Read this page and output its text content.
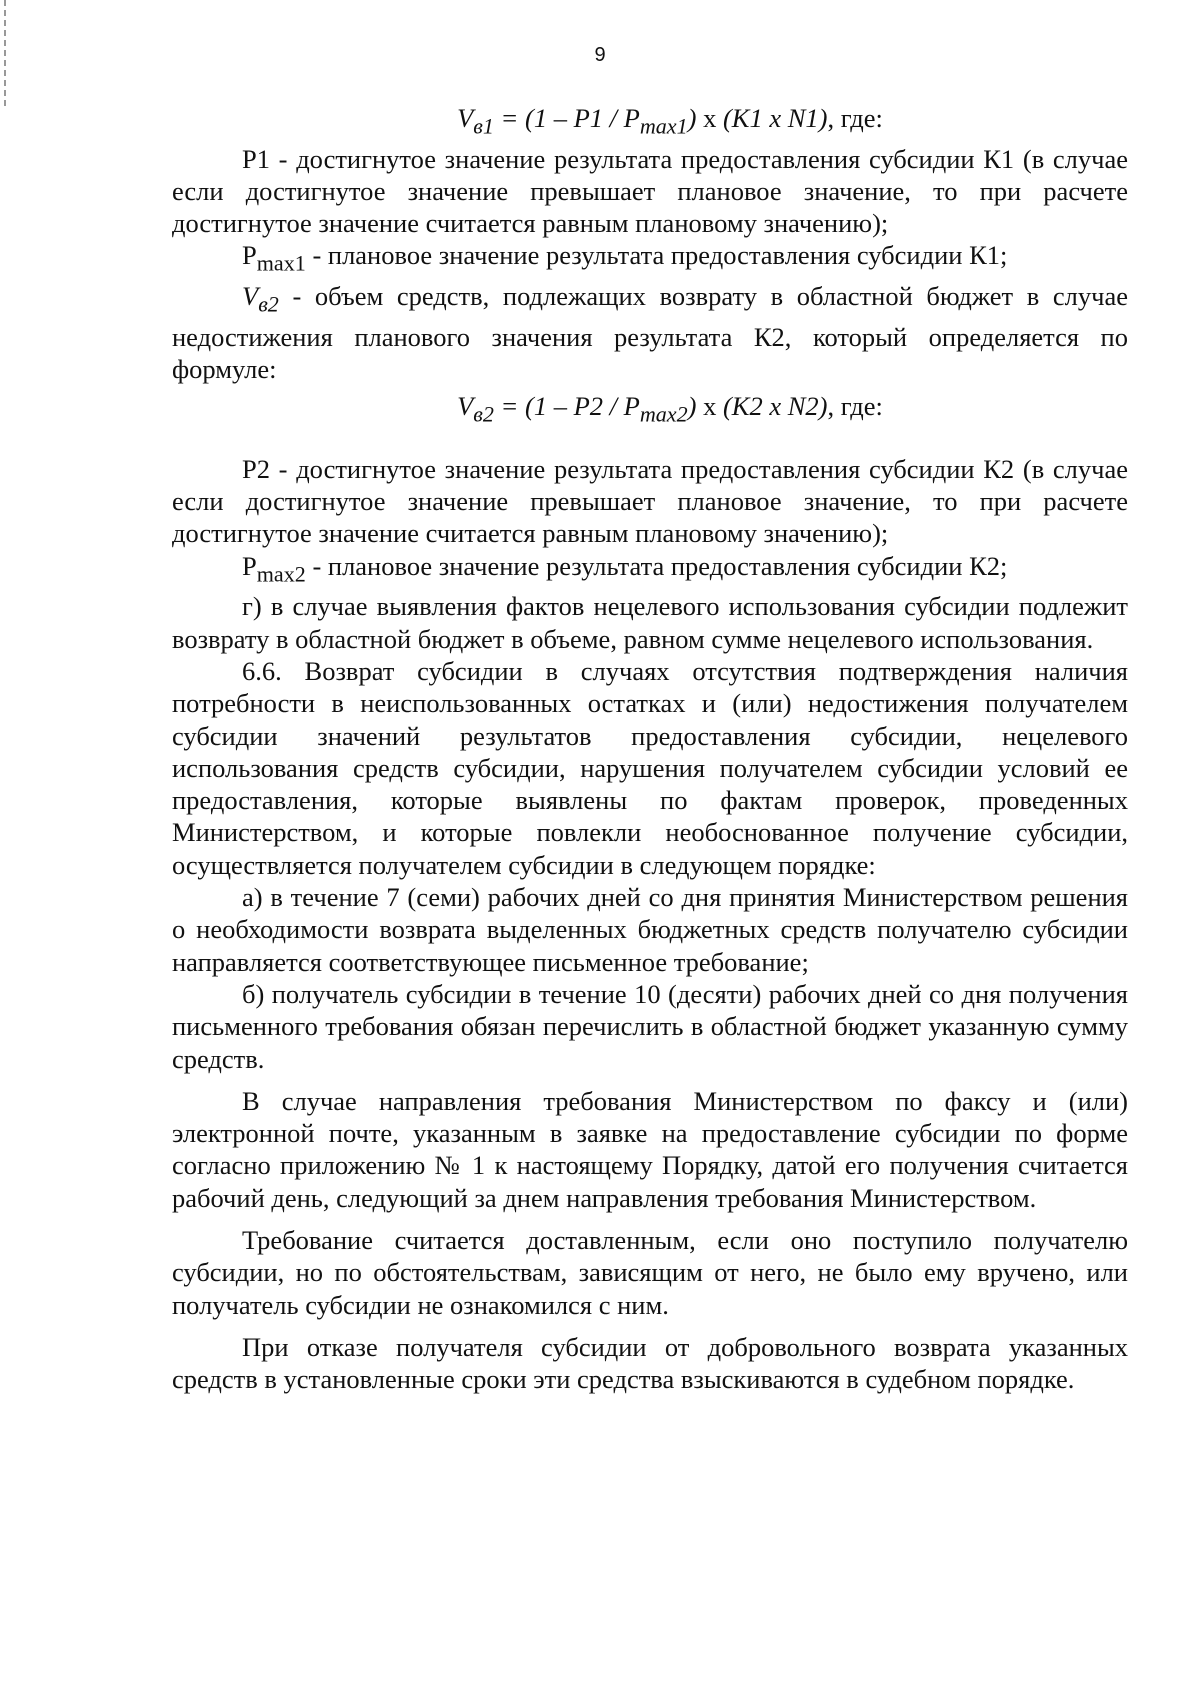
9

$V_{в1} = (1 - P1 / P_{max1})$ x (K1 x N1), где:

P1 - достигнутое значение результата предоставления субсидии К1 (в случае если достигнутое значение превышает плановое значение, то при расчете достигнутое значение считается равным плановому значению);

$P_{max1}$ - плановое значение результата предоставления субсидии К1;

$V_{в2}$ - объем средств, подлежащих возврату в областной бюджет в случае недостижения планового значения результата К2, который определяется по формуле:

$V_{в2} = (1 - P2 / P_{max2})$ x (K2 x N2), где:

P2 - достигнутое значение результата предоставления субсидии К2 (в случае если достигнутое значение превышает плановое значение, то при расчете достигнутое значение считается равным плановому значению);

$P_{max2}$ - плановое значение результата предоставления субсидии К2;

г) в случае выявления фактов нецелевого использования субсидии подлежит возврату в областной бюджет в объеме, равном сумме нецелевого использования.

6.6. Возврат субсидии в случаях отсутствия подтверждения наличия потребности в неиспользованных остатках и (или) недостижения получателем субсидии значений результатов предоставления субсидии, нецелевого использования средств субсидии, нарушения получателем субсидии условий ее предоставления, которые выявлены по фактам проверок, проведенных Министерством, и которые повлекли необоснованное получение субсидии, осуществляется получателем субсидии в следующем порядке:

а) в течение 7 (семи) рабочих дней со дня принятия Министерством решения о необходимости возврата выделенных бюджетных средств получателю субсидии направляется соответствующее письменное требование;

б) получатель субсидии в течение 10 (десяти) рабочих дней со дня получения письменного требования обязан перечислить в областной бюджет указанную сумму средств.

В случае направления требования Министерством по факсу и (или) электронной почте, указанным в заявке на предоставление субсидии по форме согласно приложению № 1 к настоящему Порядку, датой его получения считается рабочий день, следующий за днем направления требования Министерством.

Требование считается доставленным, если оно поступило получателю субсидии, но по обстоятельствам, зависящим от него, не было ему вручено, или получатель субсидии не ознакомился с ним.

При отказе получателя субсидии от добровольного возврата указанных средств в установленные сроки эти средства взыскиваются в судебном порядке.
